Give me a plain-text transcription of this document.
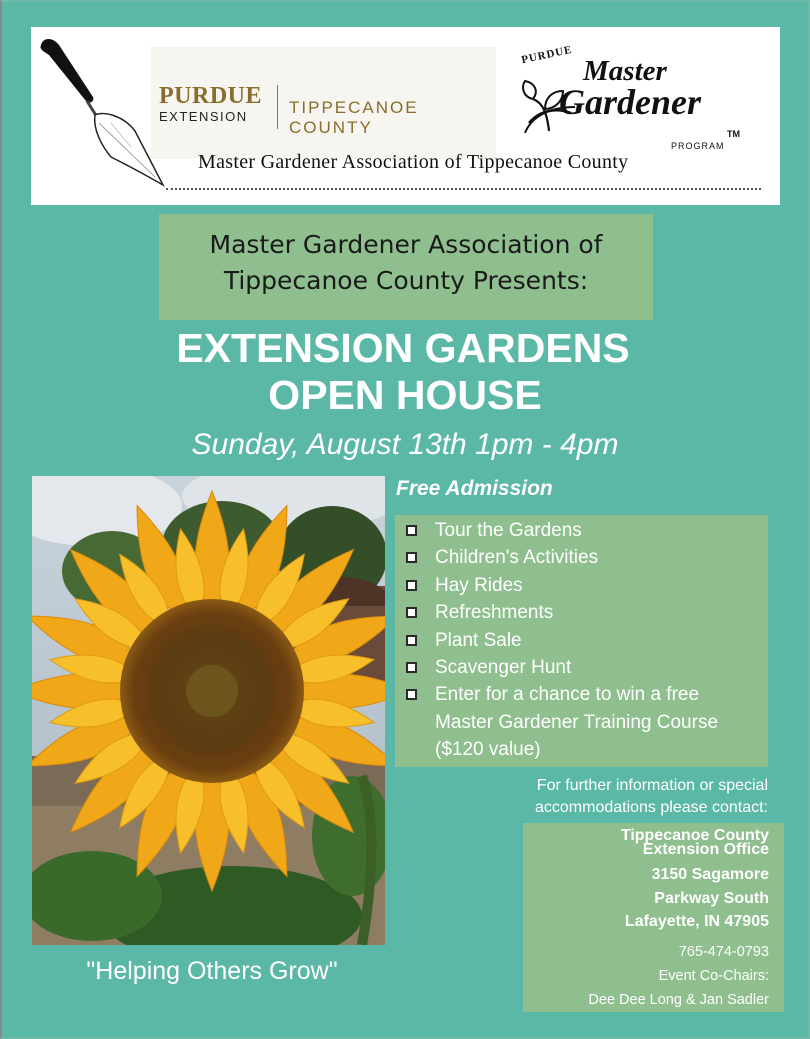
PURDUE
EXTENSION TIPPECANOE COUNTY
PURDUE Master
Gardener
TM
PROGRAM
Master Gardener Association of Tippecanoe County
Master Gardener Association of
Tippecanoe County Presents:
EXTENSION GARDENS
OPEN HOUSE
Sunday, August 13th 1pm - 4pm
"Helping Others Grow"
Free Admission
Tour the Gardens
Children's Activities
Hay Rides
Refreshments
Plant Sale
Scavenger Hunt
Enter for a chance to win a free Master Gardener Training Course ($120 value)
For further information or special
accommodations please contact:
Tippecanoe County
Extension Office
3150 Sagamore
Parkway South
Lafayette, IN 47905
765-474-0793
Event Co-Chairs:
Dee Dee Long & Jan Sadler
